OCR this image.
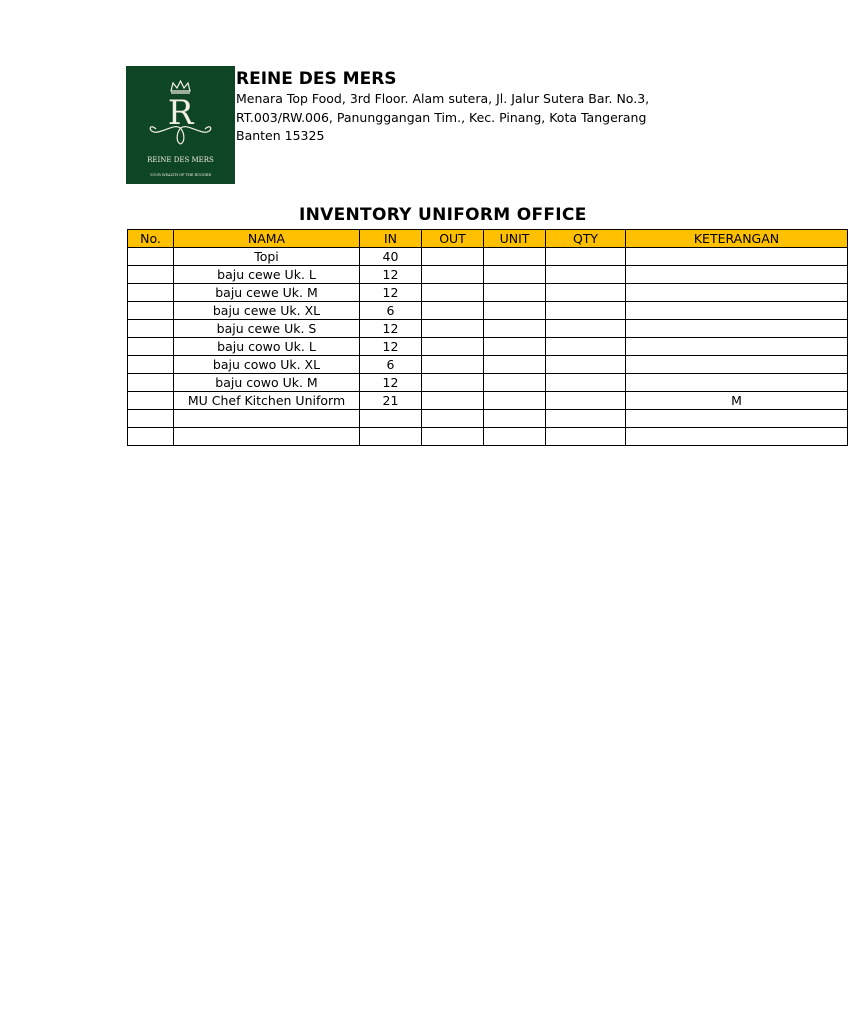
R
REINE DES MERS
YOUR WEALTH OF THE RUGGER
REINE DES MERS
Menara Top Food, 3rd Floor. Alam sutera, Jl. Jalur Sutera Bar. No.3,
RT.003/RW.006, Panunggangan Tim., Kec. Pinang, Kota Tangerang
Banten 15325
INVENTORY UNIFORM OFFICE
No.	NAMA	IN	OUT	UNIT	QTY	KETERANGAN
	Topi	40				
	baju cewe Uk. L	12				
	baju cewe Uk. M	12				
	baju cewe Uk. XL	6				
	baju cewe Uk. S	12				
	baju cowo Uk. L	12				
	baju cowo Uk. XL	6				
	baju cowo Uk. M	12				
	MU Chef Kitchen Uniform	21				M
